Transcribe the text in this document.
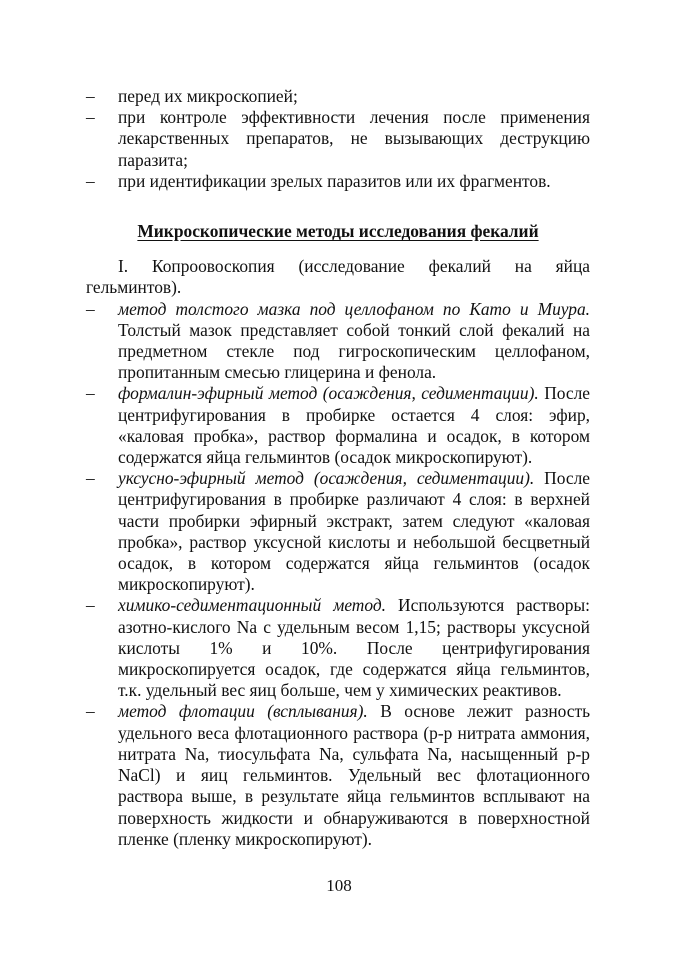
– перед их микроскопией;
– при контроле эффективности лечения после применения лекарственных препаратов, не вызывающих деструкцию паразита;
– при идентификации зрелых паразитов или их фрагментов.
Микроскопические методы исследования фекалий
I. Копроовоскопия (исследование фекалий на яйца гельминтов).
– метод толстого мазка под целлофаном по Като и Миура. Толстый мазок представляет собой тонкий слой фекалий на предметном стекле под гигроскопическим целлофаном, пропитанным смесью глицерина и фенола.
– формалин-эфирный метод (осаждения, седиментации). После центрифугирования в пробирке остается 4 слоя: эфир, «каловая пробка», раствор формалина и осадок, в котором содержатся яйца гельминтов (осадок микроскопируют).
– уксусно-эфирный метод (осаждения, седиментации). После центрифугирования в пробирке различают 4 слоя: в верхней части пробирки эфирный экстракт, затем следуют «каловая пробка», раствор уксусной кислоты и небольшой бесцветный осадок, в котором содержатся яйца гельминтов (осадок микроскопируют).
– химико-седиментационный метод. Используются растворы: азотно-кислого Na с удельным весом 1,15; растворы уксусной кислоты 1% и 10%. После центрифугирования микроскопируется осадок, где содержатся яйца гельминтов, т.к. удельный вес яиц больше, чем у химических реактивов.
– метод флотации (всплывания). В основе лежит разность удельного веса флотационного раствора (р-р нитрата аммония, нитрата Na, тиосульфата Na, сульфата Na, насыщенный р-р NaCl) и яиц гельминтов. Удельный вес флотационного раствора выше, в результате яйца гельминтов всплывают на поверхность жидкости и обнаруживаются в поверхностной пленке (пленку микроскопируют).
108
